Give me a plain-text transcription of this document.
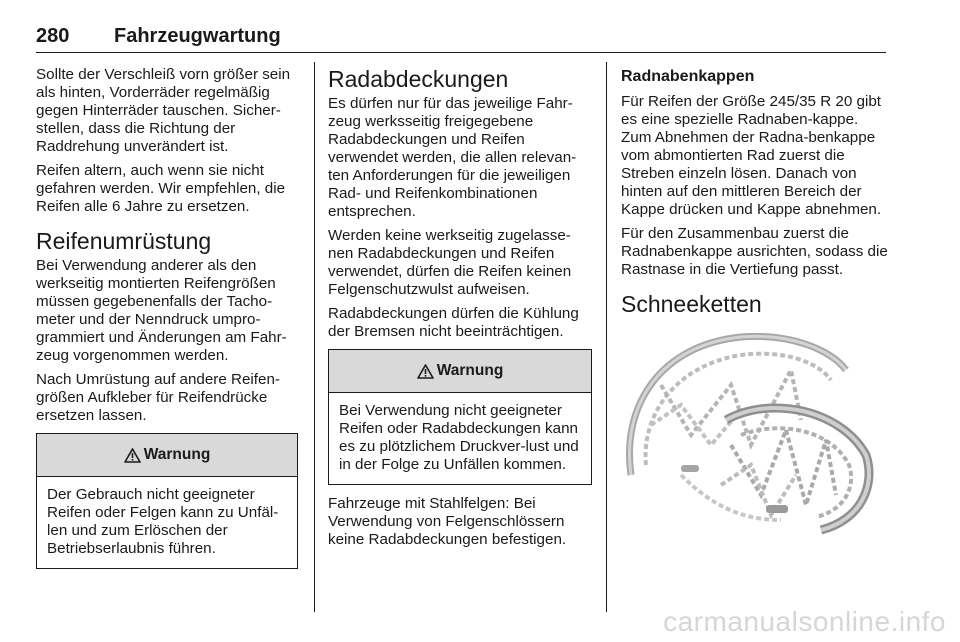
280 Fahrzeugwartung

Sollte der Verschleiß vorn größer sein als hinten, Vorderräder regelmäßig gegen Hinterräder tauschen. Sicher-stellen, dass die Richtung der Raddrehung unverändert ist.

Reifen altern, auch wenn sie nicht gefahren werden. Wir empfehlen, die Reifen alle 6 Jahre zu ersetzen.

Reifenumrüstung

Bei Verwendung anderer als den werkseitig montierten Reifengrößen müssen gegebenenfalls der Tacho-meter und der Nenndruck umpro-grammiert und Änderungen am Fahr-zeug vorgenommen werden.

Nach Umrüstung auf andere Reifen-größen Aufkleber für Reifendrücke ersetzen lassen.

Warnung
Der Gebrauch nicht geeigneter Reifen oder Felgen kann zu Unfäl-len und zum Erlöschen der Betriebserlaubnis führen.
Radabdeckungen

Es dürfen nur für das jeweilige Fahr-zeug werksseitig freigegebene Radabdeckungen und Reifen verwendet werden, die allen relevan-ten Anforderungen für die jeweiligen Rad- und Reifenkombinationen entsprechen.

Werden keine werkseitig zugelasse-nen Radabdeckungen und Reifen verwendet, dürfen die Reifen keinen Felgenschutzwulst aufweisen.

Radabdeckungen dürfen die Kühlung der Bremsen nicht beeinträchtigen.

Warnung
Bei Verwendung nicht geeigneter Reifen oder Radabdeckungen kann es zu plötzlichem Druckver-lust und in der Folge zu Unfällen kommen.

Fahrzeuge mit Stahlfelgen: Bei Verwendung von Felgenschlössern keine Radabdeckungen befestigen.

Radnabenkappen

Für Reifen der Größe 245/35 R 20 gibt es eine spezielle Radnaben-kappe. Zum Abnehmen der Radna-benkappe vom abmontierten Rad zuerst die Streben einzeln lösen. Danach von hinten auf den mittleren Bereich der Kappe drücken und Kappe abnehmen.

Für den Zusammenbau zuerst die Radnabenkappe ausrichten, sodass die Rastnase in die Vertiefung passt.

Schneeketten
carmanualsonline.info
